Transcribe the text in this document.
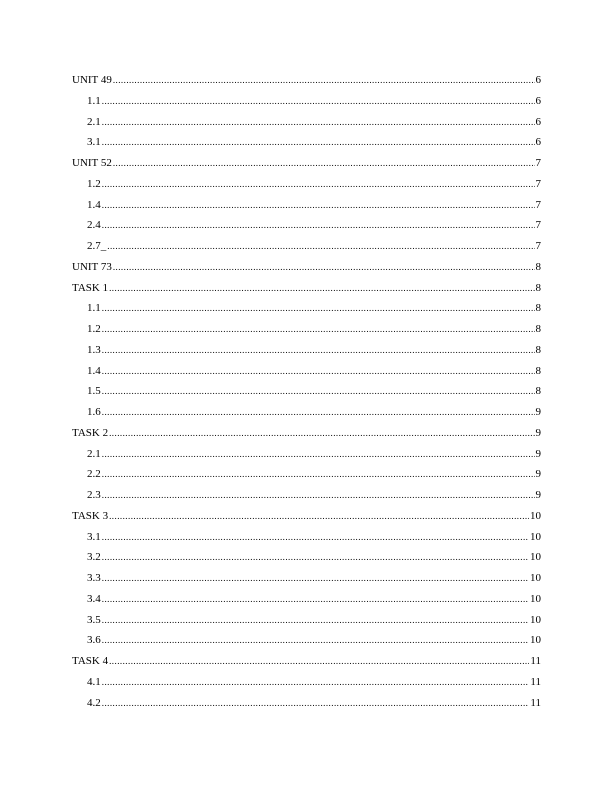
UNIT 49 .....	6
1.1 .....	6
2.1 .....	6
3.1 .....	6
UNIT 52 .....	7
1.2 .....	7
1.4 .....	7
2.4 .....	7
2.7_ .....	7
UNIT 73 .....	8
TASK 1 .....	8
1.1 .....	8
1.2 .....	8
1.3 .....	8
1.4 .....	8
1.5 .....	8
1.6 .....	9
TASK 2 .....	9
2.1 .....	9
2.2 .....	9
2.3 .....	9
TASK 3 .....	10
3.1 .....	10
3.2 .....	10
3.3 .....	10
3.4 .....	10
3.5 .....	10
3.6 .....	10
TASK 4 .....	11
4.1 .....	11
4.2 .....	11
